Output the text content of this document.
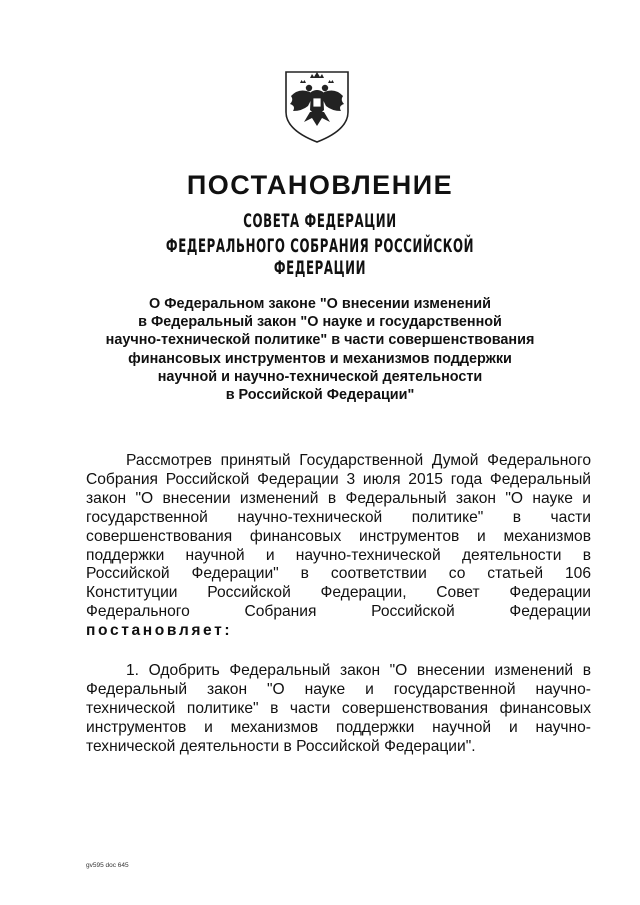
ПОСТАНОВЛЕНИЕ
СОВЕТА ФЕДЕРАЦИИ
ФЕДЕРАЛЬНОГО СОБРАНИЯ РОССИЙСКОЙ ФЕДЕРАЦИИ
О Федеральном законе "О внесении изменений
в Федеральный закон "О науке и государственной
научно-технической политике" в части совершенствования
финансовых инструментов и механизмов поддержки
научной и научно-технической деятельности
в Российской Федерации"
Рассмотрев принятый Государственной Думой Федерального
Собрания Российской Федерации 3 июля 2015 года Федеральный
закон "О внесении изменений в Федеральный закон "О науке и
государственной научно-технической политике" в части
совершенствования финансовых инструментов и механизмов
поддержки научной и научно-технической деятельности в
Российской Федерации" в соответствии со статьей 106
Конституции Российской Федерации, Совет Федерации
Федерального Собрания Российской Федерации
постановляет:
1. Одобрить Федеральный закон "О внесении изменений в
Федеральный закон "О науке и государственной научно-
технической политике" в части совершенствования финансовых
инструментов и механизмов поддержки научной и научно-
технической деятельности в Российской Федерации".
gv595 doc 645
